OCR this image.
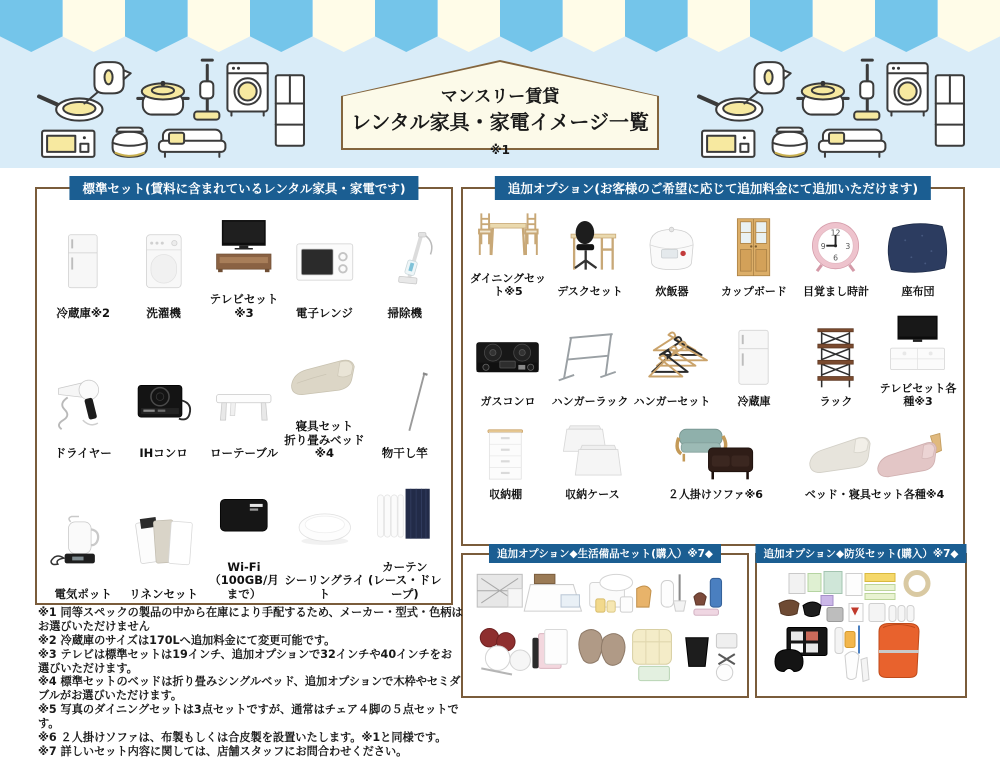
マンスリー賃貸
レンタル家具・家電イメージ一覧※1
標準セット(賃料に含まれているレンタル家具・家電です)
冷蔵庫※2	洗濯機
テレビセット※3	電子レンジ	掃除機
ドライヤー IHコンロ ローテーブル
寝具セット
折り畳みベッド※4	物干し竿
電気ポット リネンセット
Wi-Fi
（100GB/月まで）
シーリングライト
カーテン
(レース・ドレープ)
追加オプション(お客様のご希望に応じて追加料金にて追加いただけます)
ダイニングセット※5	デスクセット	炊飯器	カップボード
12
3
6
9
目覚まし時計	座布団
ガスコンロ ハンガーラック ハンガーセット 冷蔵庫	ラック
テレビセット各種※3
収納棚	収納ケース	２人掛けソファ※6	ベッド・寝具セット各種※4
追加オプション◆生活備品セット(購入）※7◆	追加オプション◆防災セット(購入）※7◆
※1 同等スペックの製品の中から在庫により手配するため、メーカー・型式・色柄はお選びいただけません
※2 冷蔵庫のサイズは170Lへ追加料金にて変更可能です。
※3 テレビは標準セットは19インチ、追加オプションで32インチや40インチをお選びいただけます。
※4 標準セットのベッドは折り畳みシングルベッド、追加オプションで木枠やセミダブルがお選びいただけます。
※5 写真のダイニングセットは3点セットですが、通常はチェア４脚の５点セットです。
※6 ２人掛けソファは、布製もしくは合皮製を設置いたします。※1と同様です。
※7 詳しいセット内容に関しては、店舗スタッフにお問合わせください。
